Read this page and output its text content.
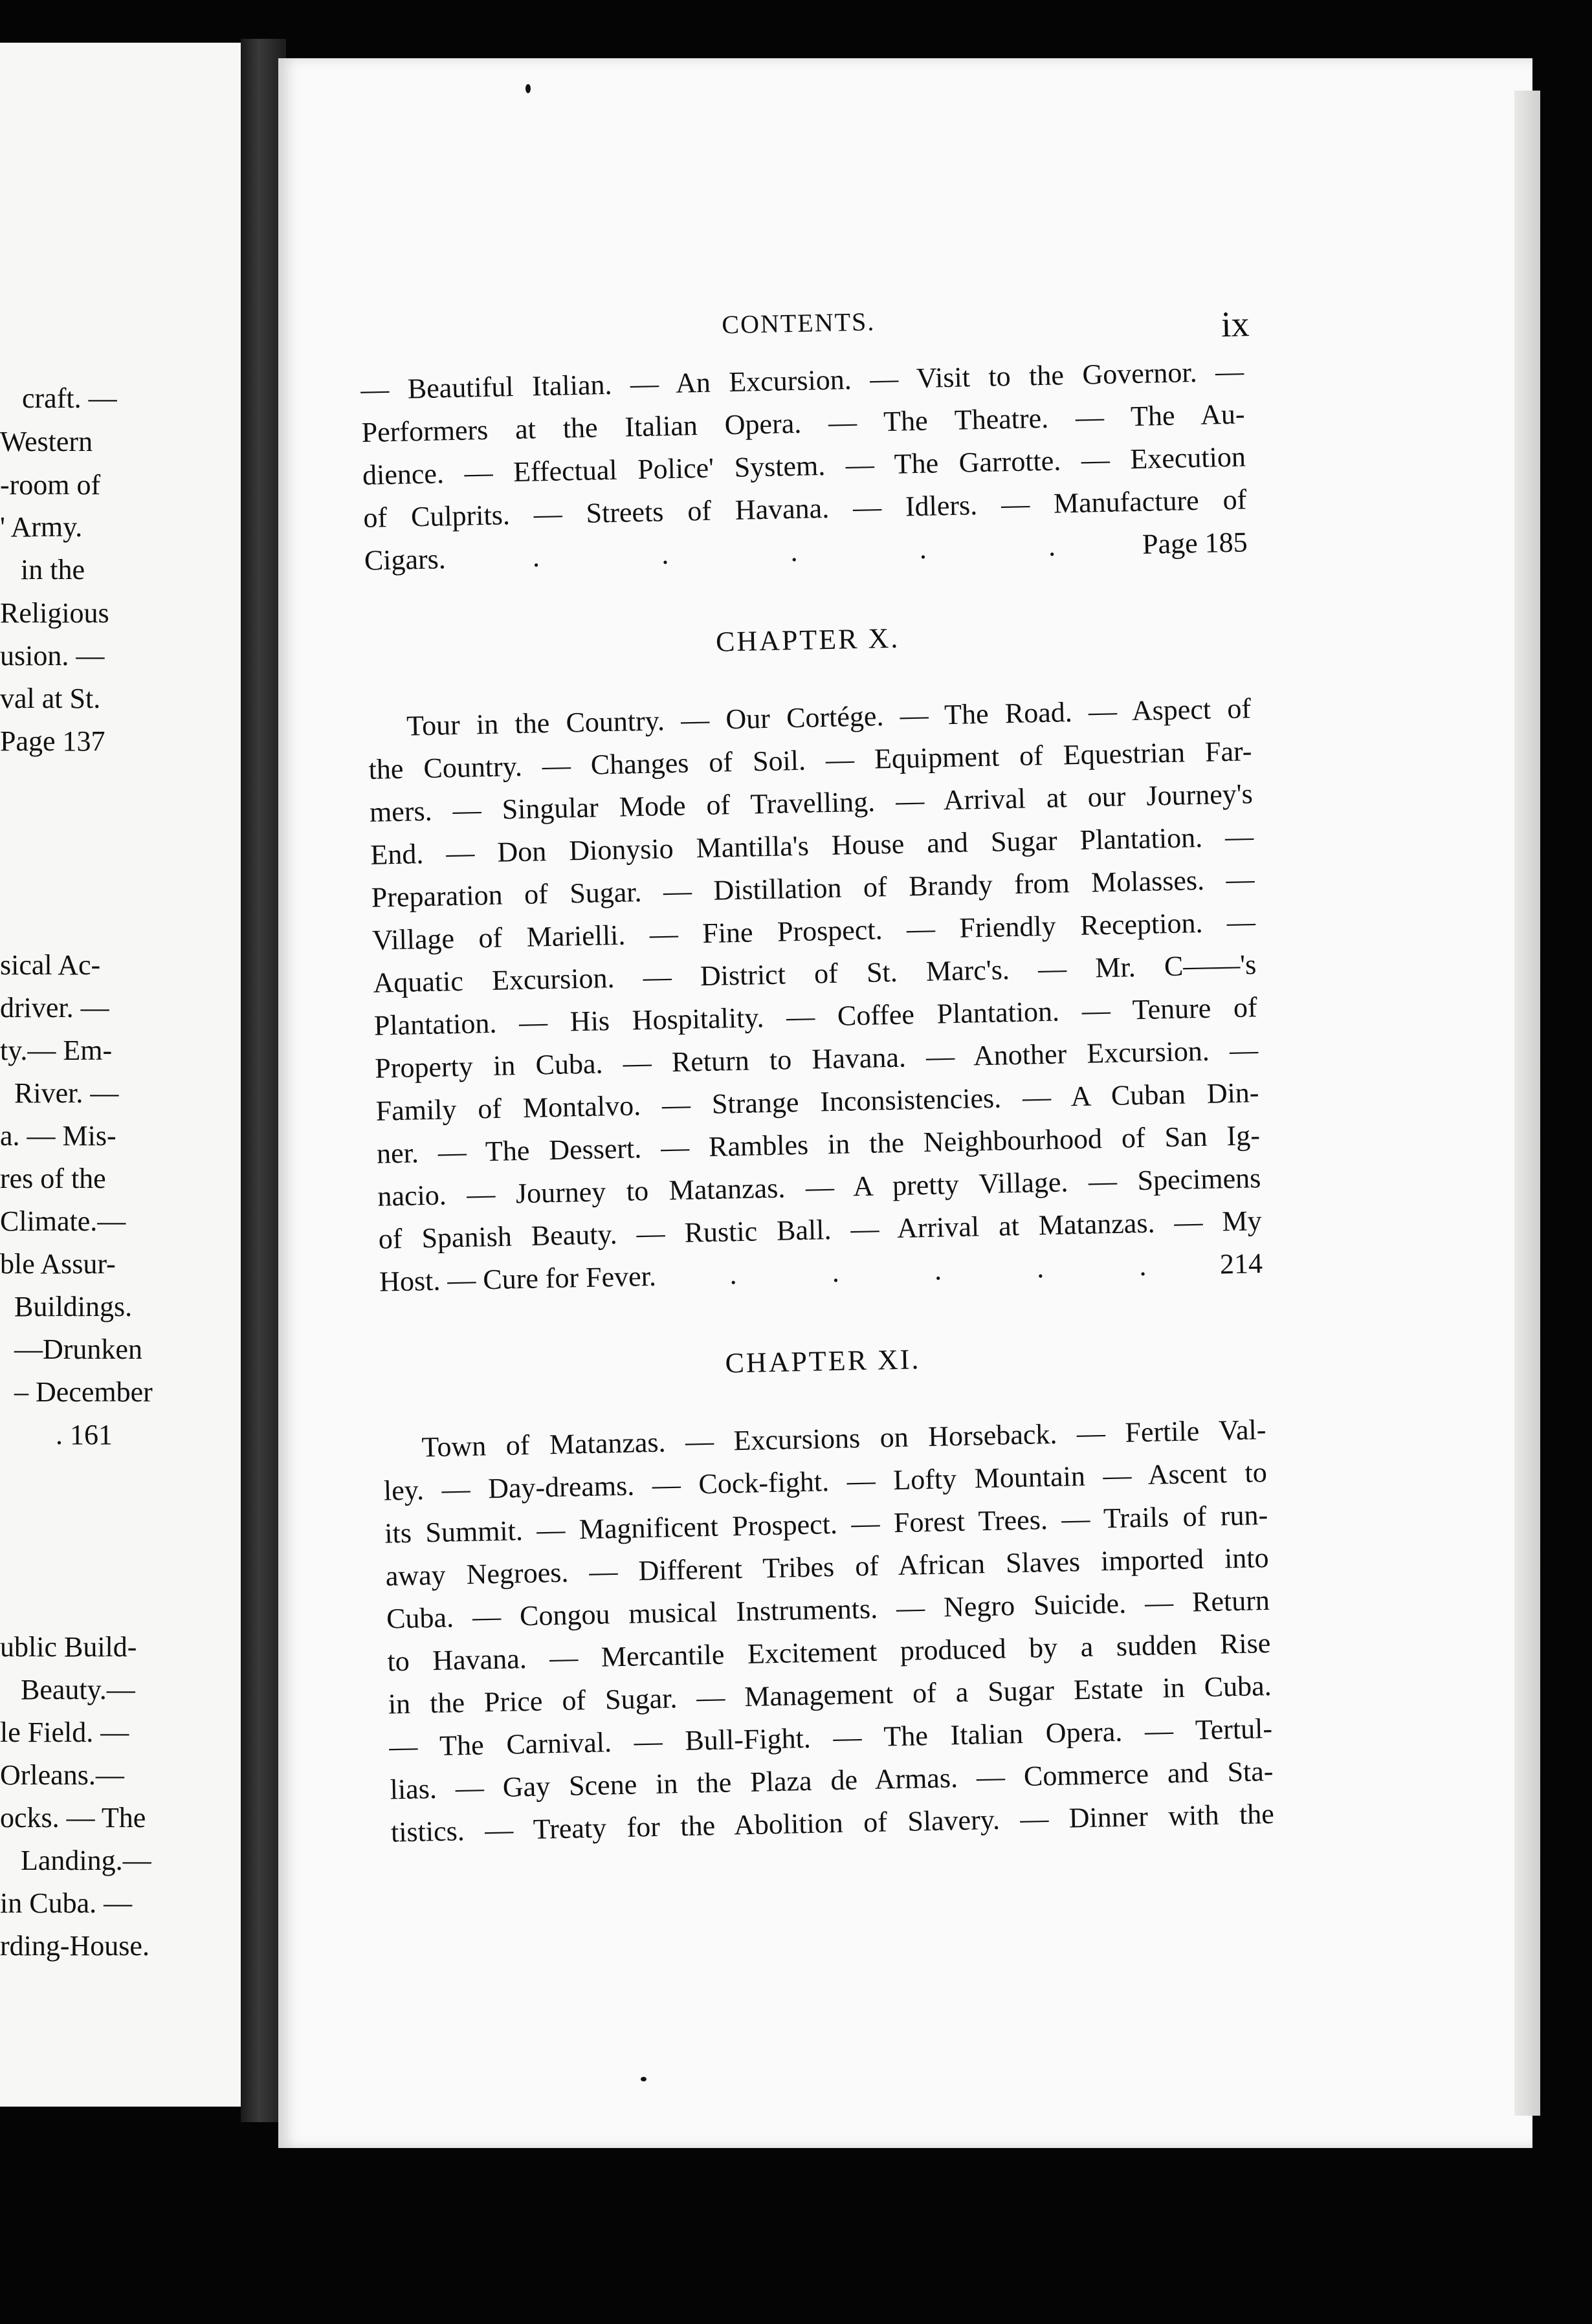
craft. —
Western
-room of
' Army.
in the
Religious
usion. —
val at St.
Page 137
sical Ac-
driver. —
ty.— Em-
River. —
a. — Mis-
res of the
Climate.—
ble Assur-
Buildings.
—Drunken
– December
. 161
ublic Build-
Beauty.—
le Field. —
Orleans.—
ocks. — The
Landing.—
in Cuba. —
rding-House.
CONTENTS.	ix
— Beautiful Italian. — An Excursion. — Visit to the Governor. —
Performers at the Italian Opera. — The Theatre. — The Au-
dience. — Effectual Police' System. — The Garrotte. — Execution
of Culprits. — Streets of Havana. — Idlers. — Manufacture of
Cigars.	.	.	.	.	.	Page 185
CHAPTER X.
Tour in the Country. — Our Cortége. — The Road. — Aspect of
the Country. — Changes of Soil. — Equipment of Equestrian Far-
mers. — Singular Mode of Travelling. — Arrival at our Journey's
End. — Don Dionysio Mantilla's House and Sugar Plantation. —
Preparation of Sugar. — Distillation of Brandy from Molasses. —
Village of Marielli. — Fine Prospect. — Friendly Reception. —
Aquatic Excursion. — District of St. Marc's. — Mr. C——'s
Plantation. — His Hospitality. — Coffee Plantation. — Tenure of
Property in Cuba. — Return to Havana. — Another Excursion. —
Family of Montalvo. — Strange Inconsistencies. — A Cuban Din-
ner. — The Dessert. — Rambles in the Neighbourhood of San Ig-
nacio. — Journey to Matanzas. — A pretty Village. — Specimens
of Spanish Beauty. — Rustic Ball. — Arrival at Matanzas. — My
Host. — Cure for Fever.	.	.	.	.	.	214
CHAPTER XI.
Town of Matanzas. — Excursions on Horseback. — Fertile Val-
ley. — Day-dreams. — Cock-fight. — Lofty Mountain — Ascent to
its Summit. — Magnificent Prospect. — Forest Trees. — Trails of run-
away Negroes. — Different Tribes of African Slaves imported into
Cuba. — Congou musical Instruments. — Negro Suicide. — Return
to Havana. — Mercantile Excitement produced by a sudden Rise
in the Price of Sugar. — Management of a Sugar Estate in Cuba.
— The Carnival. — Bull-Fight. — The Italian Opera. — Tertul-
lias. — Gay Scene in the Plaza de Armas. — Commerce and Sta-
tistics. — Treaty for the Abolition of Slavery. — Dinner with the
